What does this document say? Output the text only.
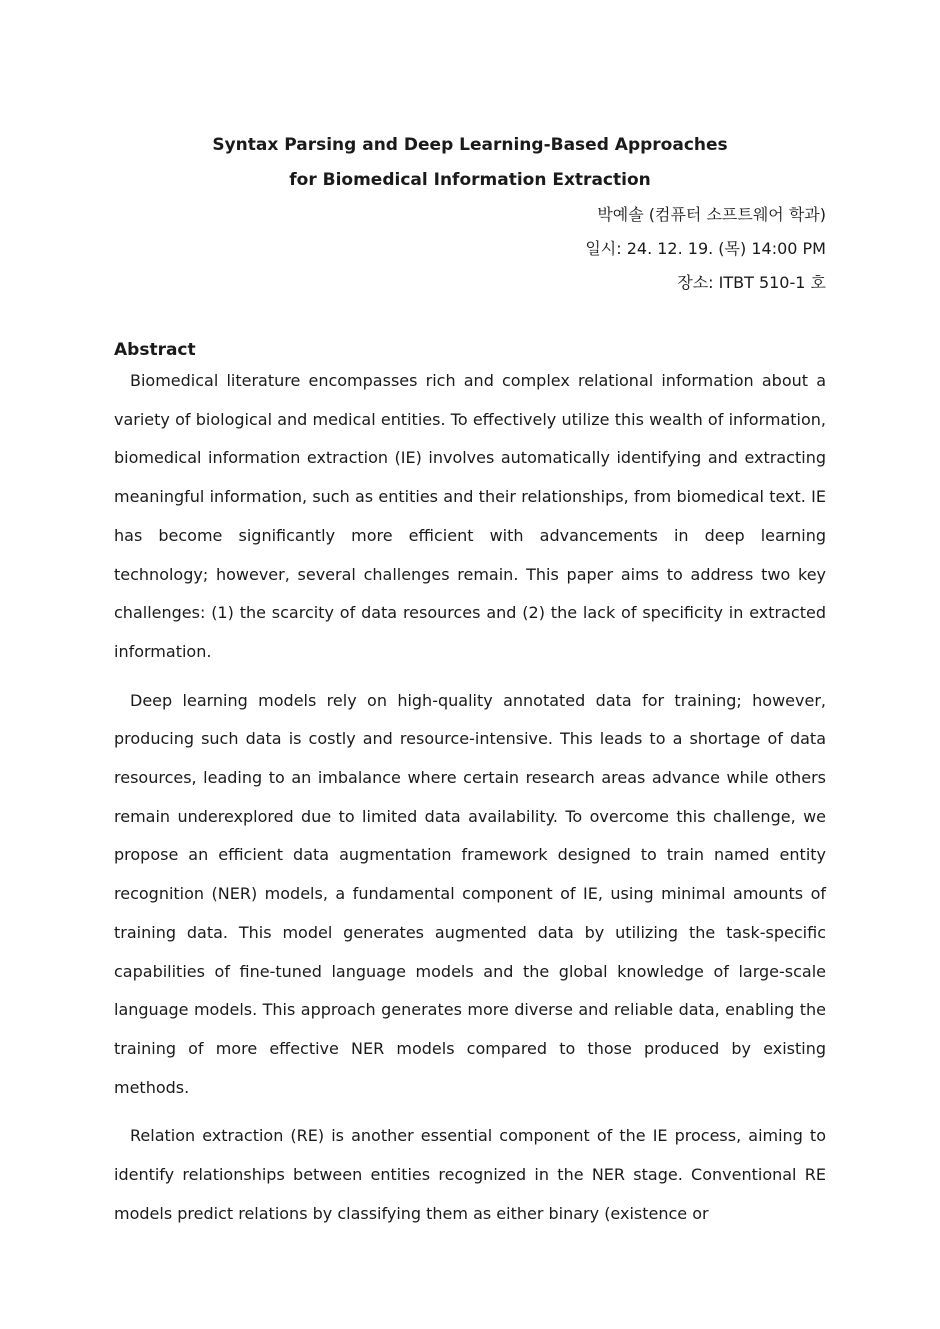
Syntax Parsing and Deep Learning-Based Approaches

for Biomedical Information Extraction

박예솔 (컴퓨터 소프트웨어 학과)

일시: 24. 12. 19. (목) 14:00 PM

장소: ITBT 510-1 호

Abstract

Biomedical literature encompasses rich and complex relational information about a variety of biological and medical entities. To effectively utilize this wealth of information, biomedical information extraction (IE) involves automatically identifying and extracting meaningful information, such as entities and their relationships, from biomedical text. IE has become significantly more efficient with advancements in deep learning technology; however, several challenges remain. This paper aims to address two key challenges: (1) the scarcity of data resources and (2) the lack of specificity in extracted information.

Deep learning models rely on high-quality annotated data for training; however, producing such data is costly and resource-intensive. This leads to a shortage of data resources, leading to an imbalance where certain research areas advance while others remain underexplored due to limited data availability. To overcome this challenge, we propose an efficient data augmentation framework designed to train named entity recognition (NER) models, a fundamental component of IE, using minimal amounts of training data. This model generates augmented data by utilizing the task-specific capabilities of fine-tuned language models and the global knowledge of large-scale language models. This approach generates more diverse and reliable data, enabling the training of more effective NER models compared to those produced by existing methods.

Relation extraction (RE) is another essential component of the IE process, aiming to identify relationships between entities recognized in the NER stage. Conventional RE models predict relations by classifying them as either binary (existence or
